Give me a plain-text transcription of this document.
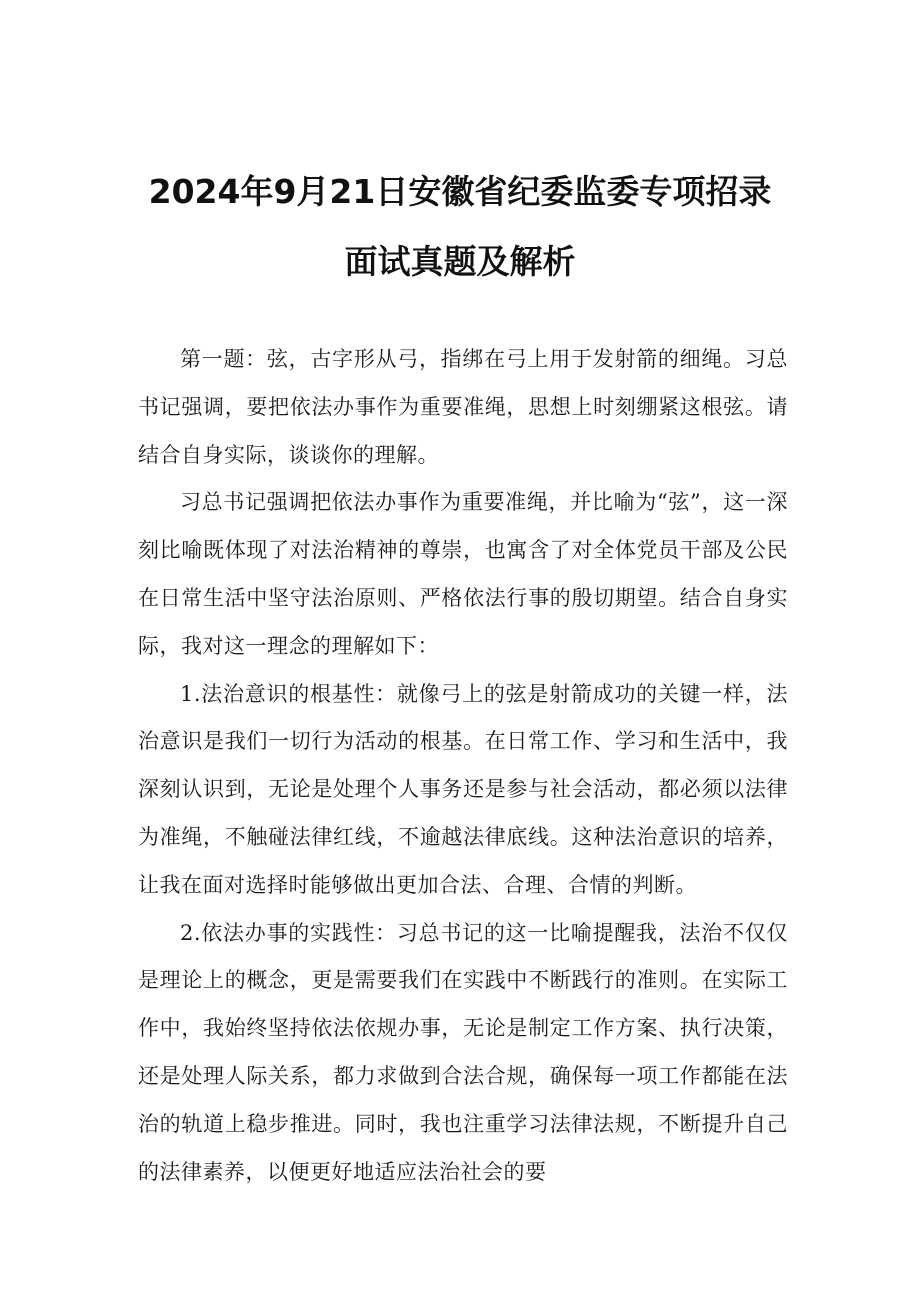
2024年9月21日安徽省纪委监委专项招录
面试真题及解析

第一题：弦，古字形从弓，指绑在弓上用于发射箭的细绳。习总书记强调，要把依法办事作为重要准绳，思想上时刻绷紧这根弦。请结合自身实际，谈谈你的理解。

习总书记强调把依法办事作为重要准绳，并比喻为“弦”，这一深刻比喻既体现了对法治精神的尊崇，也寓含了对全体党员干部及公民在日常生活中坚守法治原则、严格依法行事的殷切期望。结合自身实际，我对这一理念的理解如下：

1.法治意识的根基性：就像弓上的弦是射箭成功的关键一样，法治意识是我们一切行为活动的根基。在日常工作、学习和生活中，我深刻认识到，无论是处理个人事务还是参与社会活动，都必须以法律为准绳，不触碰法律红线，不逾越法律底线。这种法治意识的培养，让我在面对选择时能够做出更加合法、合理、合情的判断。

2.依法办事的实践性：习总书记的这一比喻提醒我，法治不仅仅是理论上的概念，更是需要我们在实践中不断践行的准则。在实际工作中，我始终坚持依法依规办事，无论是制定工作方案、执行决策，还是处理人际关系，都力求做到合法合规，确保每一项工作都能在法治的轨道上稳步推进。同时，我也注重学习法律法规，不断提升自己的法律素养，以便更好地适应法治社会的要
